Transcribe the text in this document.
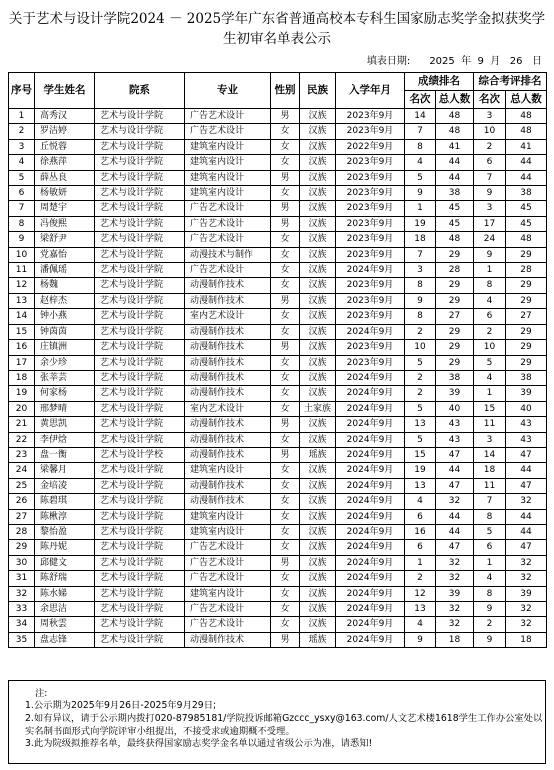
关于艺术与设计学院2024 － 2025学年广东省普通高校本专科生国家励志奖学金拟获奖学生初审名单表公示
填表日期:      2025  年  9  月   26   日
序号	学生姓名	院系	专业	性别	民族	入学年月	成绩排名		综合考评排名	
							名次	总人数	名次	总人数
1	高秀汉	艺术与设计学院	广告艺术设计	男	汉族	2023年9月	14	48	3	48
2	罗洁婷	艺术与设计学院	广告艺术设计	女	汉族	2023年9月	7	48	10	48
3	丘悦蓉	艺术与设计学院	建筑室内设计	女	汉族	2022年9月	8	41	2	41
4	徐燕萍	艺术与设计学院	建筑室内设计	女	汉族	2023年9月	4	44	6	44
5	薛丛良	艺术与设计学院	建筑室内设计	男	汉族	2023年9月	5	44	7	44
6	杨敏妍	艺术与设计学院	建筑室内设计	女	汉族	2023年9月	9	38	9	38
7	周楚宇	艺术与设计学院	广告艺术设计	男	汉族	2023年9月	1	45	3	45
8	冯俊熙	艺术与设计学院	广告艺术设计	男	汉族	2023年9月	19	45	17	45
9	梁舒尹	艺术与设计学院	广告艺术设计	女	汉族	2023年9月	18	48	24	48
10	党嘉怡	艺术与设计学院	动漫技术与制作	女	汉族	2023年9月	7	29	9	29
11	潘佩瑶	艺术与设计学院	广告艺术设计	女	汉族	2024年9月	3	28	1	28
12	杨魏	艺术与设计学院	动漫制作技术	女	汉族	2023年9月	8	29	8	29
13	赵梓杰	艺术与设计学院	动漫制作技术	男	汉族	2023年9月	9	29	4	29
14	钟小燕	艺术与设计学院	室内艺术设计	女	汉族	2023年9月	8	27	6	27
15	钟茵茵	艺术与设计学院	动漫制作技术	女	汉族	2024年9月	2	29	2	29
16	庄镇洲	艺术与设计学院	动漫制作技术	男	汉族	2023年9月	10	29	10	29
17	余少珍	艺术与设计学院	动漫制作技术	女	汉族	2023年9月	5	29	5	29
18	张莘芸	艺术与设计学院	动漫制作技术	女	汉族	2024年9月	2	38	4	38
19	何家杨	艺术与设计学院	动漫制作技术	女	汉族	2024年9月	2	39	1	39
20	邢梦晴	艺术与设计学院	室内艺术设计	女	土家族	2024年9月	5	40	15	40
21	黄思凯	艺术与设计学院	动漫制作技术	男	汉族	2024年9月	13	43	11	43
22	李伊焓	艺术与设计学院	动漫制作技术	女	汉族	2024年9月	5	43	3	43
23	盘一衡	艺术与设计学校	动漫制作技术	男	瑶族	2024年9月	15	47	14	47
24	梁馨月	艺术与设计学院	建筑室内设计	女	汉族	2024年9月	19	44	18	44
25	金培凌	艺术与设计学院	动漫制作技术	女	汉族	2024年9月	13	47	11	47
26	陈碧琪	艺术与设计学院	动漫制作技术	女	汉族	2024年9月	4	32	7	32
27	陈楸淳	艺术与设计学院	建筑室内设计	女	汉族	2024年9月	6	44	8	44
28	黎怡盈	艺术与设计学院	建筑室内设计	女	汉族	2024年9月	16	44	5	44
29	陈丹妮	艺术与设计学院	广告艺术设计	女	汉族	2024年9月	6	47	6	47
30	邱健文	艺术与设计学院	广告艺术设计	男	汉族	2024年9月	1	32	1	32
31	陈舒瑞	艺术与设计学院	广告艺术设计	女	汉族	2024年9月	2	32	4	32
32	陈水娣	艺术与设计学院	建筑室内设计	女	汉族	2024年9月	12	39	8	39
33	余思洁	艺术与设计学院	广告艺术设计	女	汉族	2024年9月	13	32	9	32
34	周秋雲	艺术与设计学院	广告艺术设计	女	汉族	2024年9月	4	32	2	32
35	盘志锋	艺术与设计学院	动漫制作技术	男	瑶族	2024年9月	9	18	9	18
注:
1.公示期为2025年9月26日-2025年9月29日;
2.如有异议，请于公示期内拨打020-87985181/学院投诉邮箱Gzccc_ysxy@163.com/人文艺术楼1618学生工作办公室处以实名制书面形式向学院评审小组提出，不接受求或逾期概不受理。
3.此为院级拟推荐名单，最终获得国家励志奖学金名单以通过省级公示为准，请悉知!
